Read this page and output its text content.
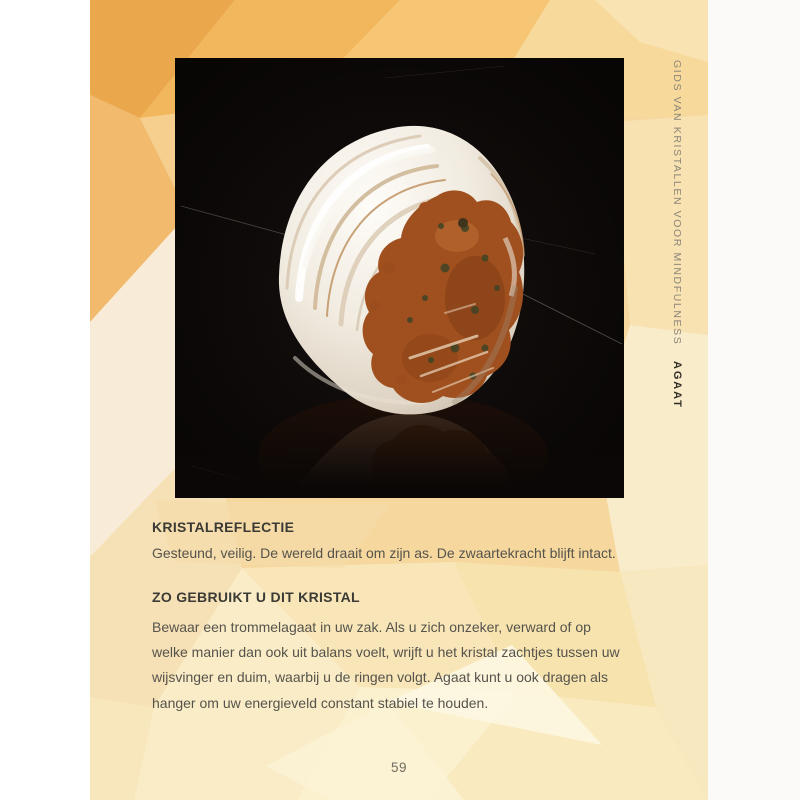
GIDS VAN KRISTALLEN VOOR MINDFULNESSAGAAT
KRISTALREFLECTIE
Gesteund, veilig. De wereld draait om zijn as. De zwaartekracht blijft intact.
ZO GEBRUIKT U DIT KRISTAL
Bewaar een trommelagaat in uw zak. Als u zich onzeker, verward of op
welke manier dan ook uit balans voelt, wrijft u het kristal zachtjes tussen uw
wijsvinger en duim, waarbij u de ringen volgt. Agaat kunt u ook dragen als
hanger om uw energieveld constant stabiel te houden.
59
